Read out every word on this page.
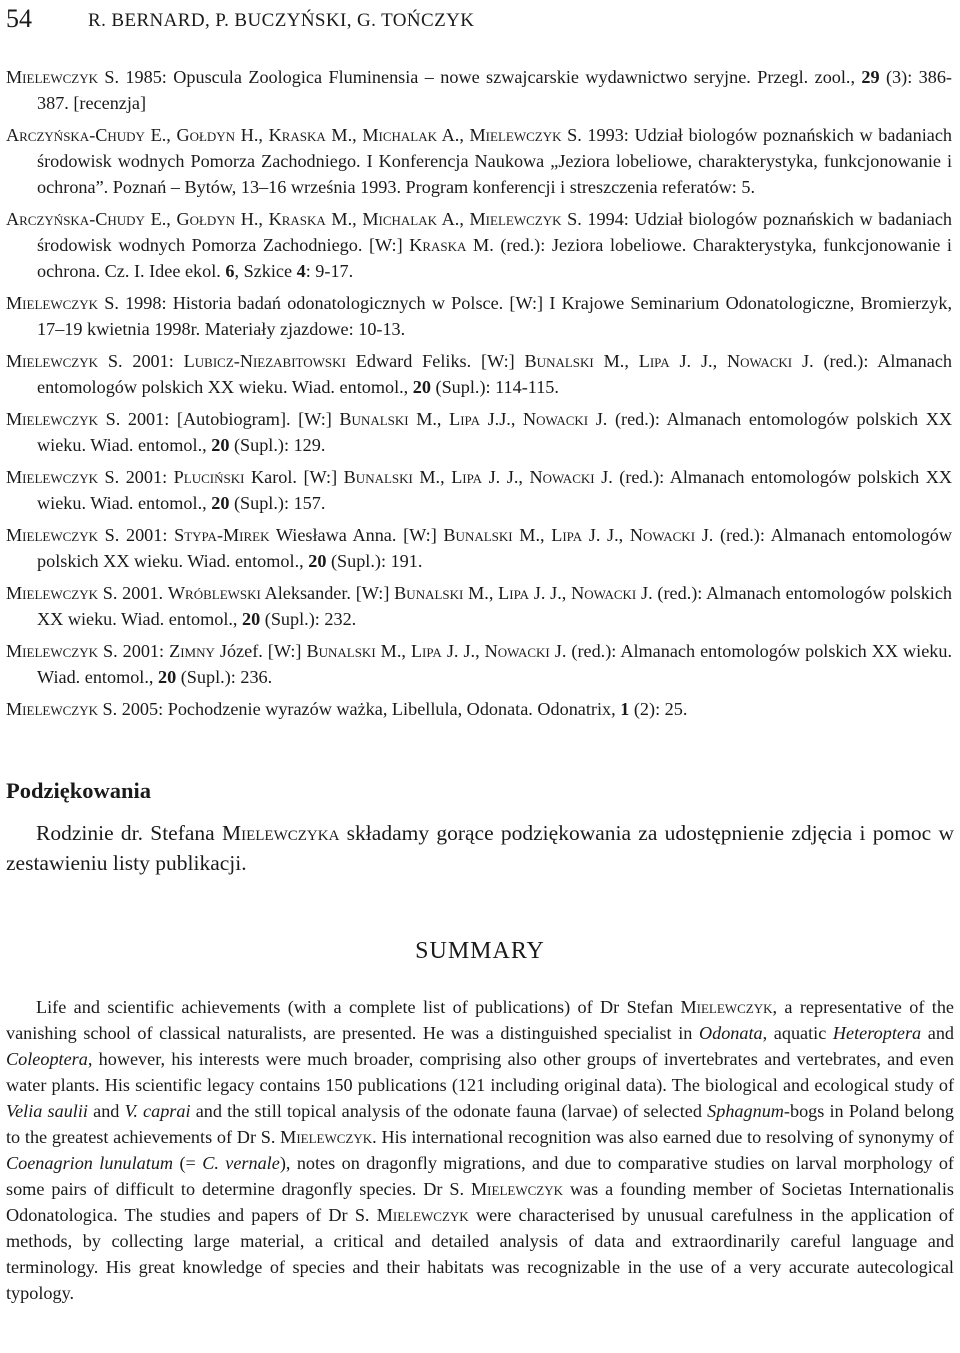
54	R. BERNARD, P. BUCZYŃSKI, G. TOŃCZYK

Mielewczyk S. 1985: Opuscula Zoologica Fluminensia – nowe szwajcarskie wydawnictwo seryjne. Przegl. zool., 29 (3): 386-387. [recenzja]

Arczyńska-Chudy E., Gołdyn H., Kraska M., Michalak A., Mielewczyk S. 1993: Udział biologów poznańskich w badaniach środowisk wodnych Pomorza Zachodniego. I Konferencja Naukowa „Jeziora lobeliowe, charakterystyka, funkcjonowanie i ochrona”. Poznań – Bytów, 13–16 września 1993. Program konferencji i streszczenia referatów: 5.

Arczyńska-Chudy E., Gołdyn H., Kraska M., Michalak A., Mielewczyk S. 1994: Udział biologów poznańskich w badaniach środowisk wodnych Pomorza Zachodniego. [W:] Kraska M. (red.): Jeziora lobeliowe. Charakterystyka, funkcjonowanie i ochrona. Cz. I. Idee ekol. 6, Szkice 4: 9-17.

Mielewczyk S. 1998: Historia badań odonatologicznych w Polsce. [W:] I Krajowe Seminarium Odonatologiczne, Bromierzyk, 17–19 kwietnia 1998r. Materiały zjazdowe: 10-13.

Mielewczyk S. 2001: Lubicz-Niezabitowski Edward Feliks. [W:] Bunalski M., Lipa J. J., Nowacki J. (red.): Almanach entomologów polskich XX wieku. Wiad. entomol., 20 (Supl.): 114-115.

Mielewczyk S. 2001: [Autobiogram]. [W:] Bunalski M., Lipa J.J., Nowacki J. (red.): Almanach entomologów polskich XX wieku. Wiad. entomol., 20 (Supl.): 129.

Mielewczyk S. 2001: Pluciński Karol. [W:] Bunalski M., Lipa J. J., Nowacki J. (red.): Almanach entomologów polskich XX wieku. Wiad. entomol., 20 (Supl.): 157.

Mielewczyk S. 2001: Stypa-Mirek Wiesława Anna. [W:] Bunalski M., Lipa J. J., Nowacki J. (red.): Almanach entomologów polskich XX wieku. Wiad. entomol., 20 (Supl.): 191.

Mielewczyk S. 2001. Wróblewski Aleksander. [W:] Bunalski M., Lipa J. J., Nowacki J. (red.): Almanach entomologów polskich XX wieku. Wiad. entomol., 20 (Supl.): 232.

Mielewczyk S. 2001: Zimny Józef. [W:] Bunalski M., Lipa J. J., Nowacki J. (red.): Almanach entomologów polskich XX wieku. Wiad. entomol., 20 (Supl.): 236.

Mielewczyk S. 2005: Pochodzenie wyrazów ważka, Libellula, Odonata. Odonatrix, 1 (2): 25.

Podziękowania

Rodzinie dr. Stefana Mielewczyka składamy gorące podziękowania za udostępnienie zdjęcia i pomoc w zestawieniu listy publikacji.

SUMMARY

Life and scientific achievements (with a complete list of publications) of Dr Stefan Mielewczyk, a representative of the vanishing school of classical naturalists, are presented. He was a distinguished specialist in Odonata, aquatic Heteroptera and Coleoptera, however, his interests were much broader, comprising also other groups of invertebrates and vertebrates, and even water plants. His scientific legacy contains 150 publications (121 including original data). The biological and ecological study of Velia saulii and V. caprai and the still topical analysis of the odonate fauna (larvae) of selected Sphagnum-bogs in Poland belong to the greatest achievements of Dr S. Mielewczyk. His international recognition was also earned due to resolving of synonymy of Coenagrion lunulatum (= C. vernale), notes on dragonfly migrations, and due to comparative studies on larval morphology of some pairs of difficult to determine dragonfly species. Dr S. Mielewczyk was a founding member of Societas Internationalis Odonatologica. The studies and papers of Dr S. Mielewczyk were characterised by unusual carefulness in the application of methods, by collecting large material, a critical and detailed analysis of data and extraordinarily careful language and terminology. His great knowledge of species and their habitats was recognizable in the use of a very accurate autecological typology.
